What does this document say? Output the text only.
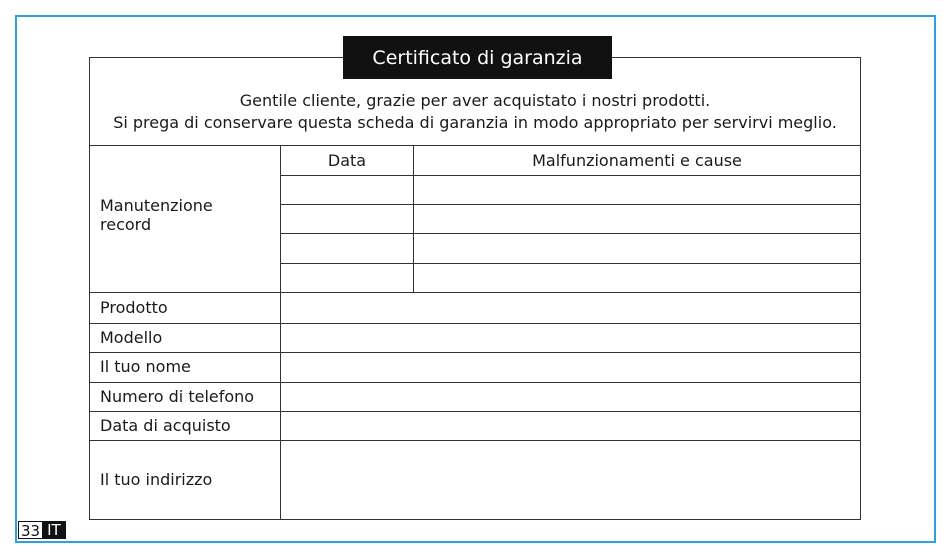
Certificato di garanzia
Gentile cliente, grazie per aver acquistato i nostri prodotti.
Si prega di conservare questa scheda di garanzia in modo appropriato per servirvi meglio.
Data	Malfunzionamenti e cause
Manutenzione
record
Prodotto
Modello
Il tuo nome
Numero di telefono
Data di acquisto
Il tuo indirizzo
33 IT
